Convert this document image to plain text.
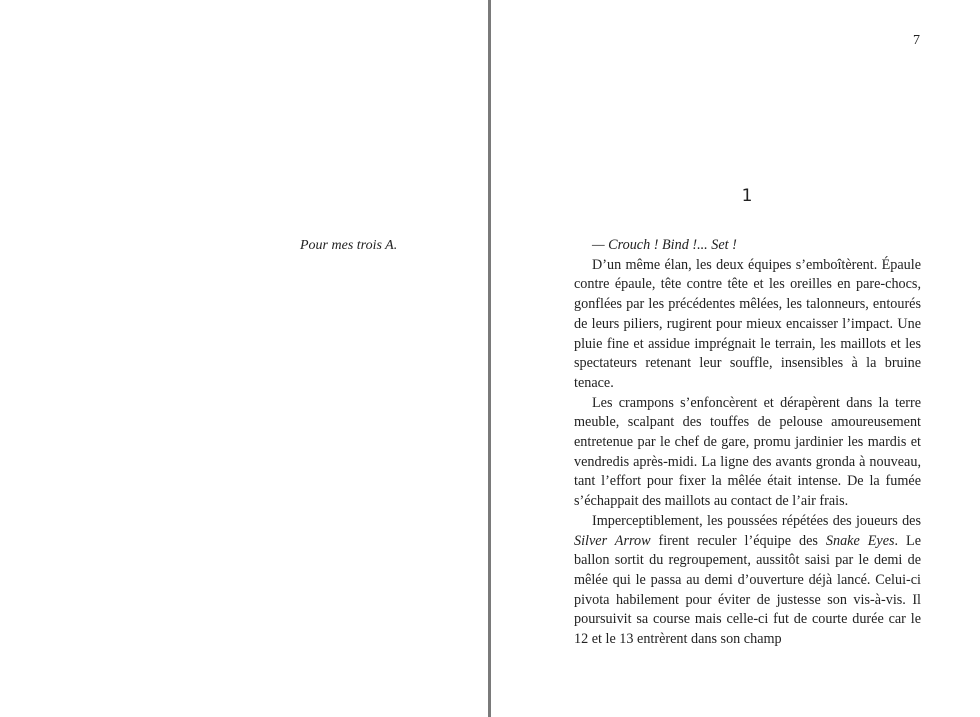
Pour mes trois A.
7
1

— Crouch ! Bind !... Set !

D’un même élan, les deux équipes s’emboîtèrent. Épaule contre épaule, tête contre tête et les oreilles en pare-chocs, gonflées par les précédentes mêlées, les talonneurs, entourés de leurs piliers, rugirent pour mieux encaisser l’impact. Une pluie fine et assidue imprégnait le terrain, les maillots et les spectateurs retenant leur souffle, insensibles à la bruine tenace.

Les crampons s’enfoncèrent et dérapèrent dans la terre meuble, scalpant des touffes de pelouse amoureusement entretenue par le chef de gare, promu jardinier les mardis et vendredis après-midi. La ligne des avants gronda à nouveau, tant l’effort pour fixer la mêlée était intense. De la fumée s’échappait des maillots au contact de l’air frais.

Imperceptiblement, les poussées répétées des joueurs des Silver Arrow firent reculer l’équipe des Snake Eyes. Le ballon sortit du regroupement, aussitôt saisi par le demi de mêlée qui le passa au demi d’ouverture déjà lancé. Celui-ci pivota habilement pour éviter de justesse son vis-à-vis. Il poursuivit sa course mais celle-ci fut de courte durée car le 12 et le 13 entrèrent dans son champ
